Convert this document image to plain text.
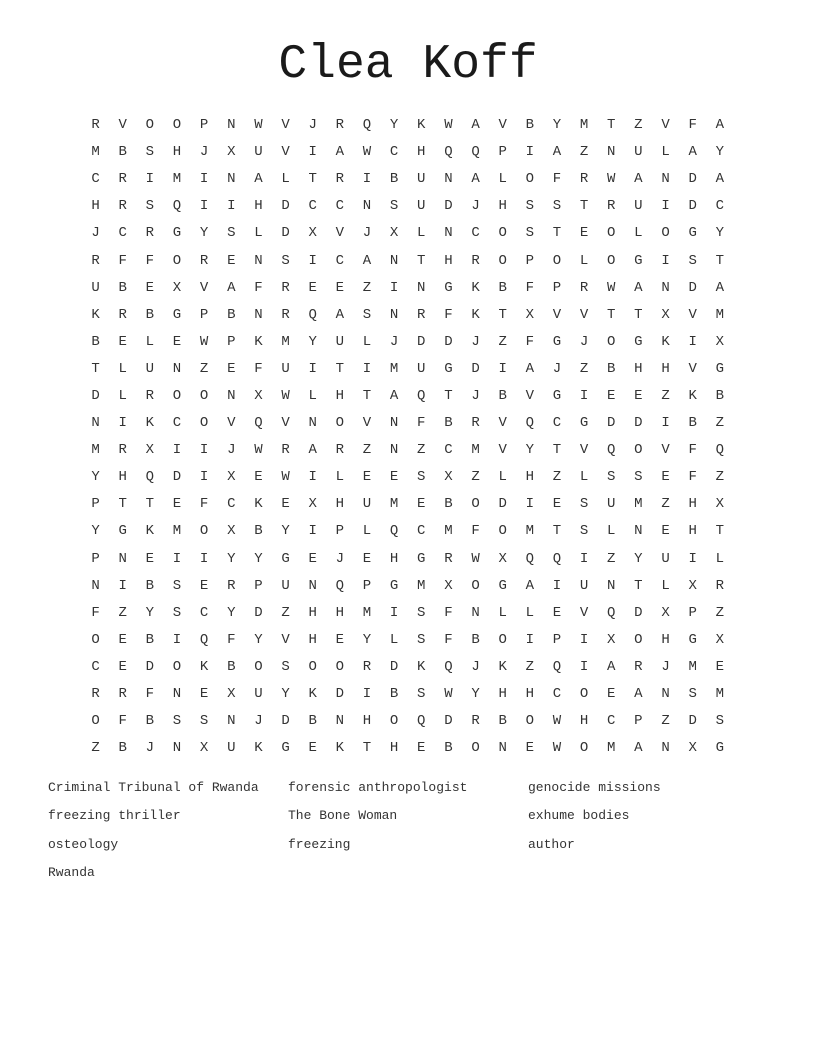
Clea Koff
R	V	O	O	P	N	W	V	J	R	Q	Y	K	W	A	V	B	Y	M	T	Z	V	F	A
M	B	S	H	J	X	U	V	I	A	W	C	H	Q	Q	P	I	A	Z	N	U	L	A	Y
C	R	I	M	I	N	A	L	T	R	I	B	U	N	A	L	O	F	R	W	A	N	D	A
H	R	S	Q	I	I	H	D	C	C	N	S	U	D	J	H	S	S	T	R	U	I	D	C
J	C	R	G	Y	S	L	D	X	V	J	X	L	N	C	O	S	T	E	O	L	O	G	Y
R	F	F	O	R	E	N	S	I	C	A	N	T	H	R	O	P	O	L	O	G	I	S	T
U	B	E	X	V	A	F	R	E	E	Z	I	N	G	K	B	F	P	R	W	A	N	D	A
K	R	B	G	P	B	N	R	Q	A	S	N	R	F	K	T	X	V	V	T	T	X	V	M
B	E	L	E	W	P	K	M	Y	U	L	J	D	D	J	Z	F	G	J	O	G	K	I	X
T	L	U	N	Z	E	F	U	I	T	I	M	U	G	D	I	A	J	Z	B	H	H	V	G
D	L	R	O	O	N	X	W	L	H	T	A	Q	T	J	B	V	G	I	E	E	Z	K	B
N	I	K	C	O	V	Q	V	N	O	V	N	F	B	R	V	Q	C	G	D	D	I	B	Z
M	R	X	I	I	J	W	R	A	R	Z	N	Z	C	M	V	Y	T	V	Q	O	V	F	Q
Y	H	Q	D	I	X	E	W	I	L	E	E	S	X	Z	L	H	Z	L	S	S	E	F	Z
P	T	T	E	F	C	K	E	X	H	U	M	E	B	O	D	I	E	S	U	M	Z	H	X
Y	G	K	M	O	X	B	Y	I	P	L	Q	C	M	F	O	M	T	S	L	N	E	H	T
P	N	E	I	I	Y	Y	G	E	J	E	H	G	R	W	X	Q	Q	I	Z	Y	U	I	L
N	I	B	S	E	R	P	U	N	Q	P	G	M	X	O	G	A	I	U	N	T	L	X	R
F	Z	Y	S	C	Y	D	Z	H	H	M	I	S	F	N	L	L	E	V	Q	D	X	P	Z
O	E	B	I	Q	F	Y	V	H	E	Y	L	S	F	B	O	I	P	I	X	O	H	G	X
C	E	D	O	K	B	O	S	O	O	R	D	K	Q	J	K	Z	Q	I	A	R	J	M	E
R	R	F	N	E	X	U	Y	K	D	I	B	S	W	Y	H	H	C	O	E	A	N	S	M
O	F	B	S	S	N	J	D	B	N	H	O	Q	D	R	B	O	W	H	C	P	Z	D	S
Z	B	J	N	X	U	K	G	E	K	T	H	E	B	O	N	E	W	O	M	A	N	X	G
Criminal Tribunal of Rwanda	forensic anthropologist	genocide missions
freezing thriller	The Bone Woman	exhume bodies
osteology	freezing	author
Rwanda
